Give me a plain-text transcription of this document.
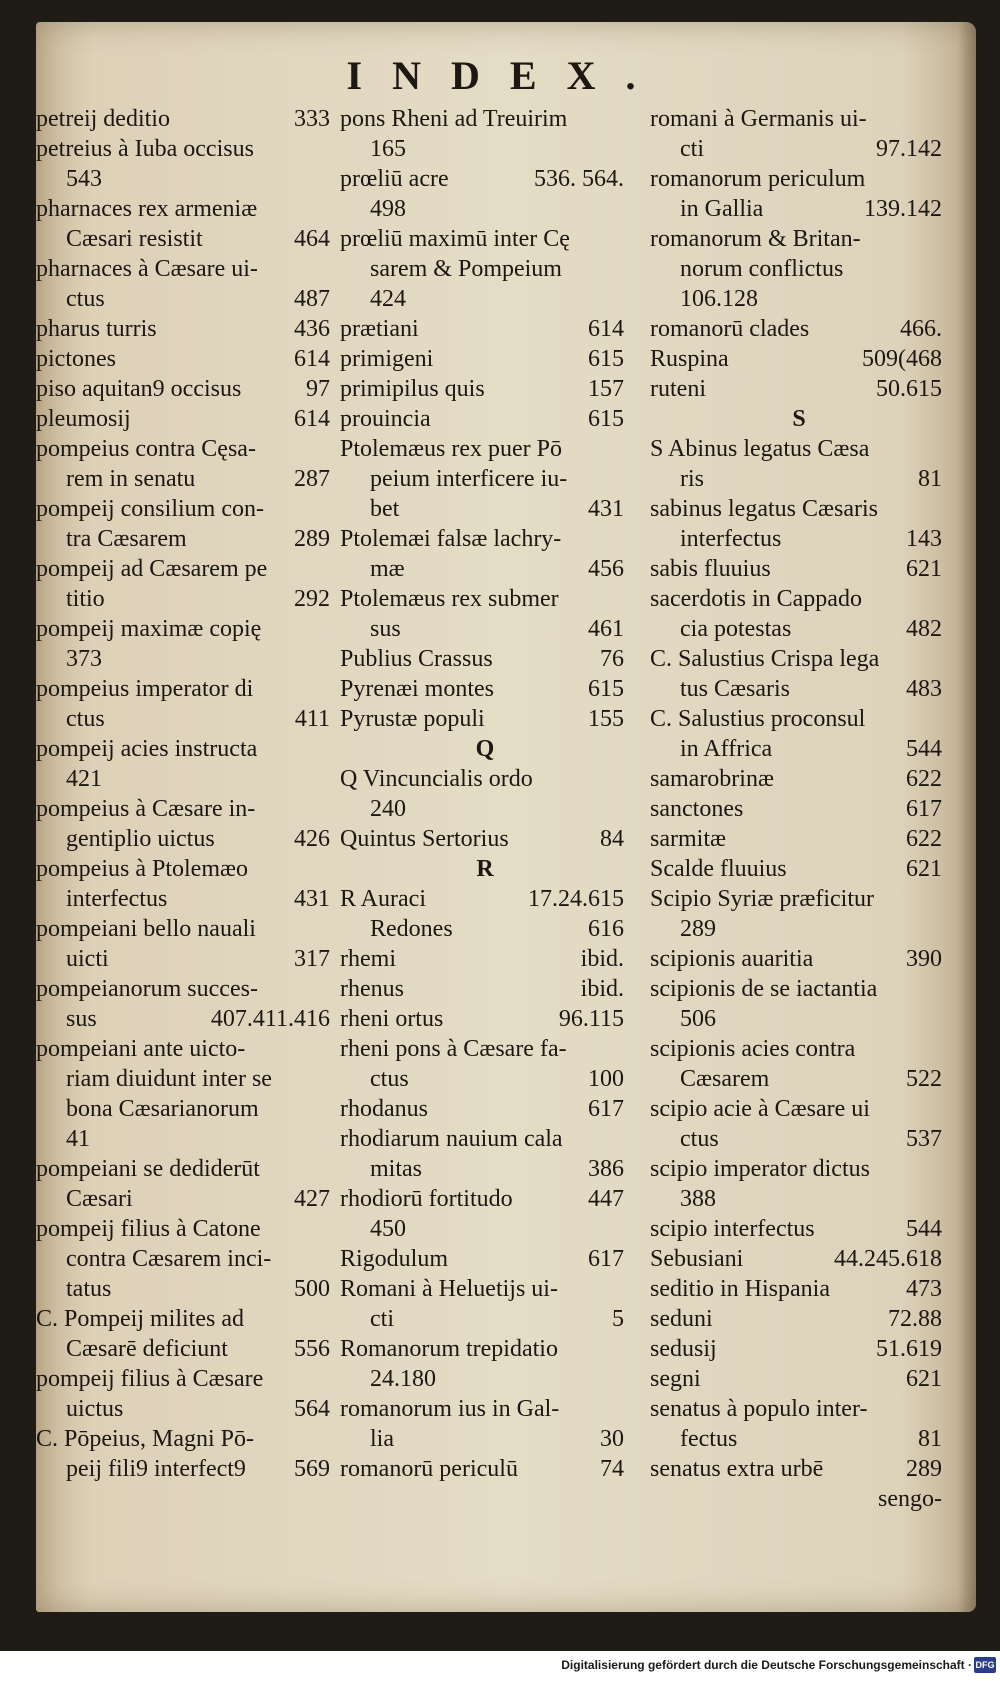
INDEX.
petreij deditio	333
petreius à Iuba occisus
543
pharnaces rex armeniæ
Cæsari resistit	464
pharnaces à Cæsare ui-
ctus	487
pharus turris	436
pictones	614
piso aquitan9 occisus	97
pleumosij	614
pompeius contra Cęsa-
rem in senatu	287
pompeij consilium con-
tra Cæsarem	289
pompeij ad Cæsarem pe
titio	292
pompeij maximæ copię
373
pompeius imperator di
ctus	411
pompeij acies instructa
421
pompeius à Cæsare in-
gentiplio uictus	426
pompeius à Ptolemæo
interfectus	431
pompeiani bello nauali
uicti	317
pompeianorum succes-
sus	407.411.416
pompeiani ante uicto-
riam diuidunt inter se
bona Cæsarianorum
41
pompeiani se dediderūt
Cæsari	427
pompeij filius à Catone
contra Cæsarem inci-
tatus	500
C. Pompeij milites ad
Cæsarē deficiunt	556
pompeij filius à Cæsare
uictus	564
C. Pōpeius, Magni Pō-
peij fili9 interfect9 569
pons Rheni ad Treuirim
165
prœliū acre	536. 564.
498
prœliū maximū inter Cę
sarem & Pompeium
424
prætiani	614
primigeni	615
primipilus quis	157
prouincia	615
Ptolemæus rex puer Pō
peium interficere iu-
bet	431
Ptolemæi falsæ lachry-
mæ	456
Ptolemæus rex submer
sus	461
Publius Crassus	76
Pyrenæi montes	615
Pyrustæ populi	155
Q
Q Vincuncialis ordo
240
Quintus Sertorius	84
R
R Auraci	17.24.615
Redones	616
rhemi	ibid.
rhenus	ibid.
rheni ortus	96.115
rheni pons à Cæsare fa-
ctus	100
rhodanus	617
rhodiarum nauium cala
mitas	386
rhodiorū fortitudo	447
450
Rigodulum	617
Romani à Heluetijs ui-
cti	5
Romanorum trepidatio
24.180
romanorum ius in Gal-
lia	30
romanorū periculū	74
romani à Germanis ui-
cti	97.142
romanorum periculum
in Gallia	139.142
romanorum & Britan-
norum conflictus
106.128
romanorū clades	466.
Ruspina	509(468
ruteni	50.615
S
S Abinus legatus Cæsa
ris	81
sabinus legatus Cæsaris
interfectus	143
sabis fluuius	621
sacerdotis in Cappado
cia potestas	482
C. Salustius Crispa lega
tus Cæsaris	483
C. Salustius proconsul
in Affrica	544
samarobrinæ	622
sanctones	617
sarmitæ	622
Scalde fluuius	621
Scipio Syriæ præficitur
289
scipionis auaritia	390
scipionis de se iactantia
506
scipionis acies contra
Cæsarem	522
scipio acie à Cæsare ui
ctus	537
scipio imperator dictus
388
scipio interfectus	544
Sebusiani	44.245.618
seditio in Hispania	473
seduni	72.88
sedusij	51.619
segni	621
senatus à populo inter-
fectus	81
senatus extra urbē	289
sengo-
Digitalisierung gefördert durch die Deutsche Forschungsgemeinschaft · DFG
